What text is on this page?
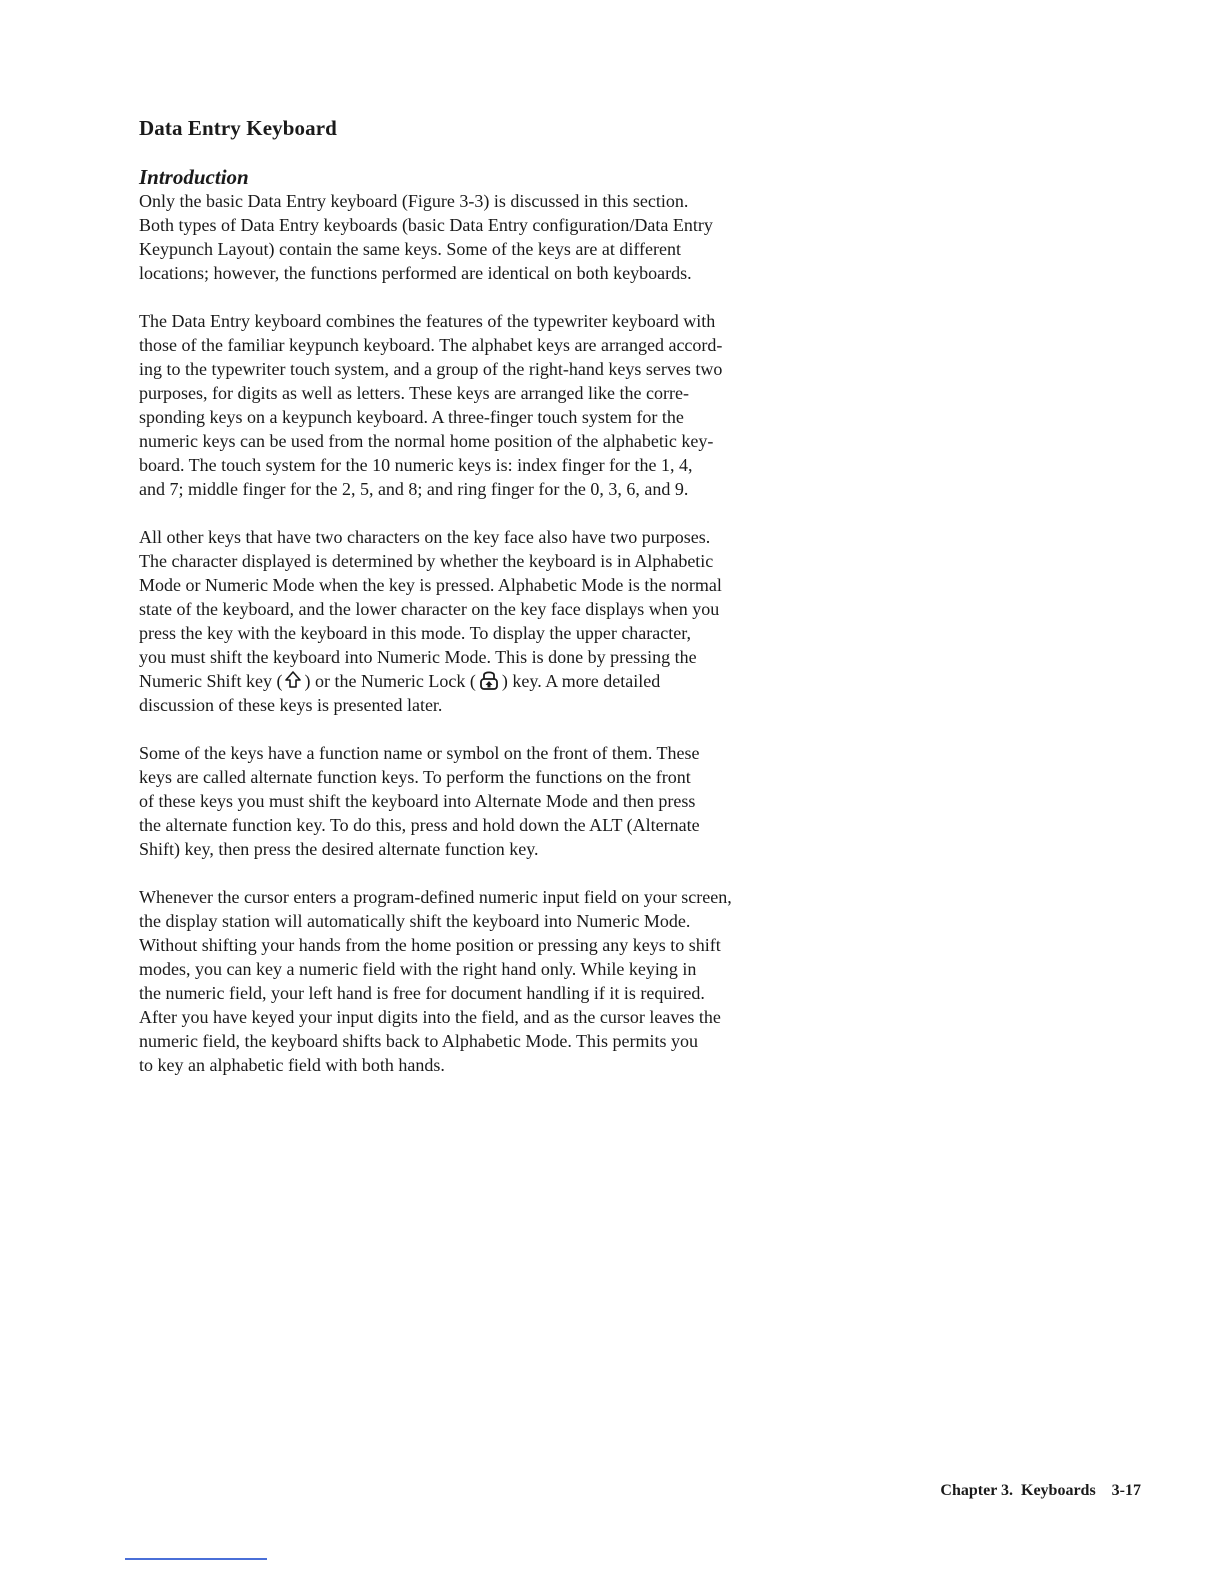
Data Entry Keyboard
Introduction

Only the basic Data Entry keyboard (Figure 3-3) is discussed in this section.
Both types of Data Entry keyboards (basic Data Entry configuration/Data Entry
Keypunch Layout) contain the same keys. Some of the keys are at different
locations; however, the functions performed are identical on both keyboards.

The Data Entry keyboard combines the features of the typewriter keyboard with
those of the familiar keypunch keyboard. The alphabet keys are arranged accord-
ing to the typewriter touch system, and a group of the right-hand keys serves two
purposes, for digits as well as letters. These keys are arranged like the corre-
sponding keys on a keypunch keyboard. A three-finger touch system for the
numeric keys can be used from the normal home position of the alphabetic key-
board. The touch system for the 10 numeric keys is: index finger for the 1, 4,
and 7; middle finger for the 2, 5, and 8; and ring finger for the 0, 3, 6, and 9.

All other keys that have two characters on the key face also have two purposes.
The character displayed is determined by whether the keyboard is in Alphabetic
Mode or Numeric Mode when the key is pressed. Alphabetic Mode is the normal
state of the keyboard, and the lower character on the key face displays when you
press the key with the keyboard in this mode. To display the upper character,
you must shift the keyboard into Numeric Mode. This is done by pressing the
Numeric Shift key ( ) or the Numeric Lock ( ) key. A more detailed
discussion of these keys is presented later.

Some of the keys have a function name or symbol on the front of them. These
keys are called alternate function keys. To perform the functions on the front
of these keys you must shift the keyboard into Alternate Mode and then press
the alternate function key. To do this, press and hold down the ALT (Alternate
Shift) key, then press the desired alternate function key.

Whenever the cursor enters a program-defined numeric input field on your screen,
the display station will automatically shift the keyboard into Numeric Mode.
Without shifting your hands from the home position or pressing any keys to shift
modes, you can key a numeric field with the right hand only. While keying in
the numeric field, your left hand is free for document handling if it is required.
After you have keyed your input digits into the field, and as the cursor leaves the
numeric field, the keyboard shifts back to Alphabetic Mode. This permits you
to key an alphabetic field with both hands.

Chapter 3. Keyboards 3-17
